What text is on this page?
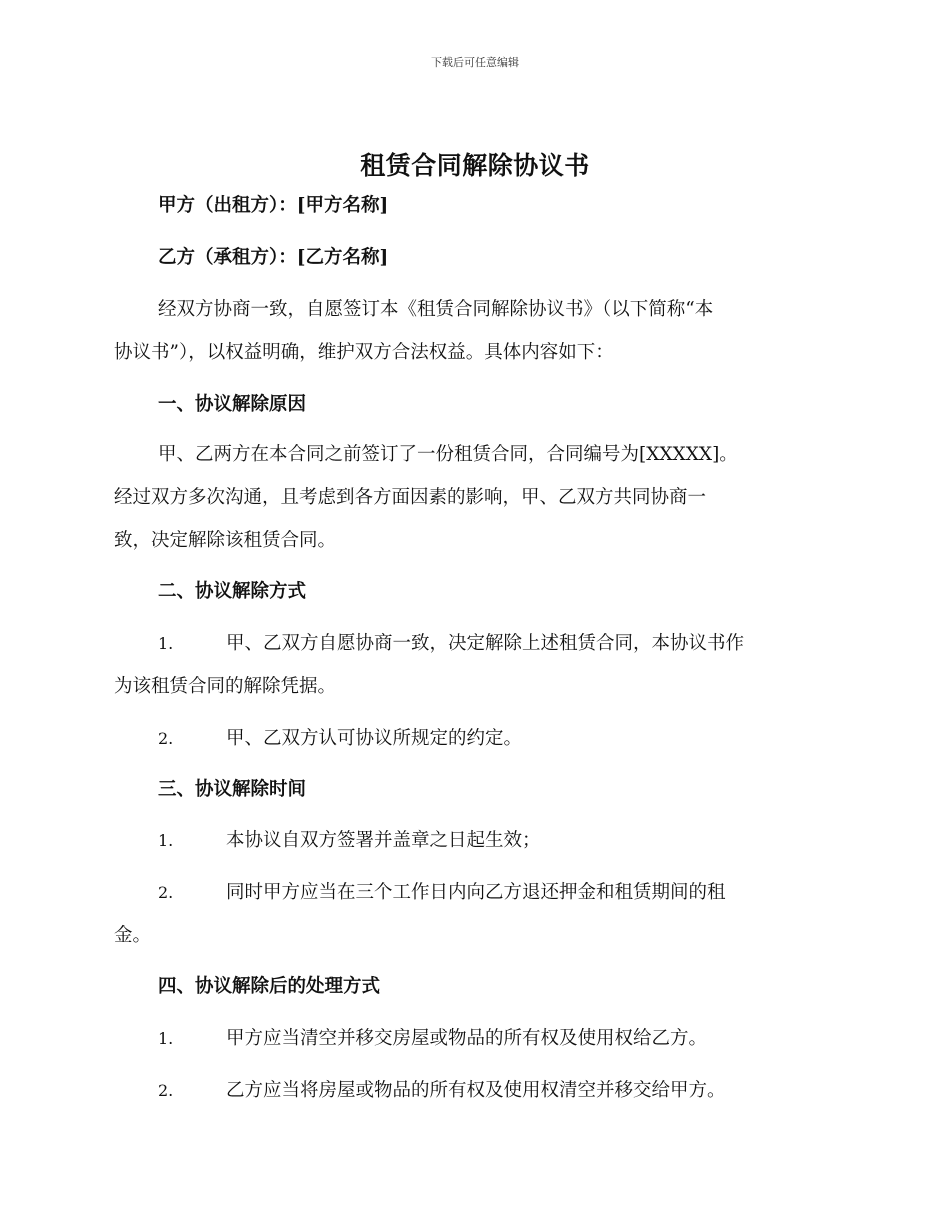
下载后可任意编辑
租赁合同解除协议书
甲方（出租方）：[甲方名称]
乙方（承租方）：[乙方名称]
经双方协商一致，自愿签订本《租赁合同解除协议书》（以下简称“本
协议书”），以权益明确，维护双方合法权益。具体内容如下：
一、协议解除原因
甲、乙两方在本合同之前签订了一份租赁合同，合同编号为[XXXXX]。
经过双方多次沟通，且考虑到各方面因素的影响，甲、乙双方共同协商一
致，决定解除该租赁合同。
二、协议解除方式
1.	甲、乙双方自愿协商一致，决定解除上述租赁合同，本协议书作
为该租赁合同的解除凭据。
2.	甲、乙双方认可协议所规定的约定。
三、协议解除时间
1.	本协议自双方签署并盖章之日起生效；
2.	同时甲方应当在三个工作日内向乙方退还押金和租赁期间的租
金。
四、协议解除后的处理方式
1.	甲方应当清空并移交房屋或物品的所有权及使用权给乙方。
2.	乙方应当将房屋或物品的所有权及使用权清空并移交给甲方。
